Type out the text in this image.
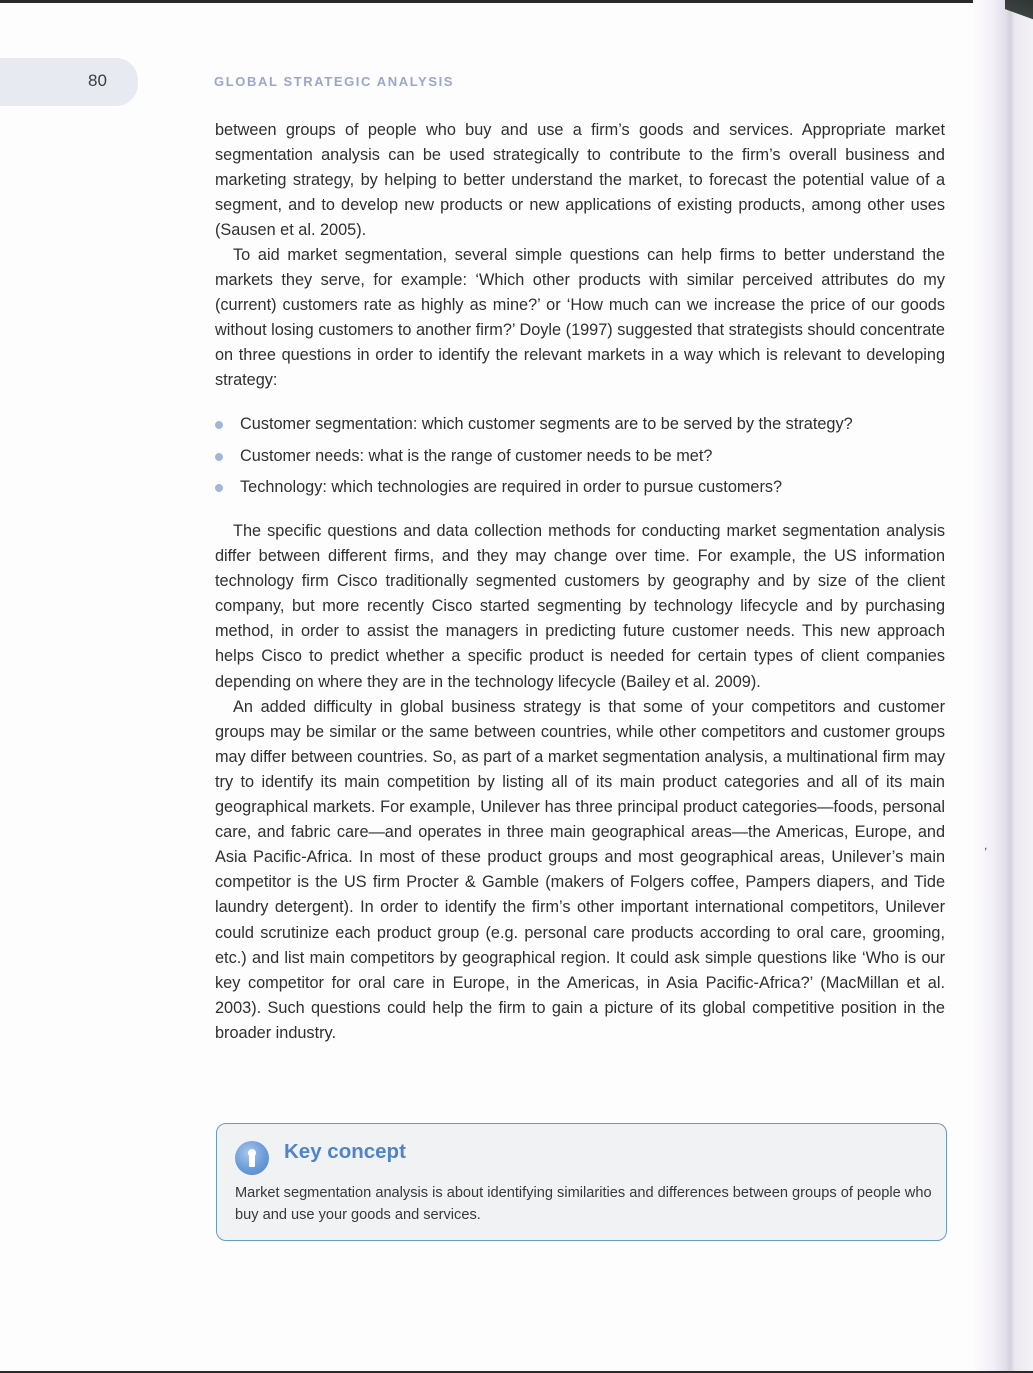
80	GLOBAL STRATEGIC ANALYSIS

between groups of people who buy and use a firm’s goods and services. Appropriate market segmentation analysis can be used strategically to contribute to the firm’s overall business and marketing strategy, by helping to better understand the market, to forecast the potential value of a segment, and to develop new products or new applications of existing products, among other uses (Sausen et al. 2005).

To aid market segmentation, several simple questions can help firms to better understand the markets they serve, for example: ‘Which other products with similar perceived attributes do my (current) customers rate as highly as mine?’ or ‘How much can we increase the price of our goods without losing customers to another firm?’ Doyle (1997) suggested that strategists should concentrate on three questions in order to identify the relevant markets in a way which is relevant to developing strategy:

Customer segmentation: which customer segments are to be served by the strategy?
Customer needs: what is the range of customer needs to be met?
Technology: which technologies are required in order to pursue customers?

The specific questions and data collection methods for conducting market segmentation analysis differ between different firms, and they may change over time. For example, the US information technology firm Cisco traditionally segmented customers by geography and by size of the client company, but more recently Cisco started segmenting by technology lifecycle and by purchasing method, in order to assist the managers in predicting future customer needs. This new approach helps Cisco to predict whether a specific product is needed for certain types of client companies depending on where they are in the technology lifecycle (Bailey et al. 2009).

An added difficulty in global business strategy is that some of your competitors and customer groups may be similar or the same between countries, while other competitors and customer groups may differ between countries. So, as part of a market segmentation analysis, a multinational firm may try to identify its main competition by listing all of its main product categories and all of its main geographical markets. For example, Unilever has three principal product categories—foods, personal care, and fabric care—and operates in three main geographical areas—the Americas, Europe, and Asia Pacific-Africa. In most of these product groups and most geographical areas, Unilever’s main competitor is the US firm Procter & Gamble (makers of Folgers coffee, Pampers diapers, and Tide laundry detergent). In order to identify the firm’s other important international competitors, Unilever could scrutinize each product group (e.g. personal care products according to oral care, grooming, etc.) and list main competitors by geographical region. It could ask simple questions like ‘Who is our key competitor for oral care in Europe, in the Americas, in Asia Pacific-Africa?’ (MacMillan et al. 2003). Such questions could help the firm to gain a picture of its global competitive position in the broader industry.

,
Key concept
Market segmentation analysis is about identifying similarities and differences between groups of people who buy and use your goods and services.
